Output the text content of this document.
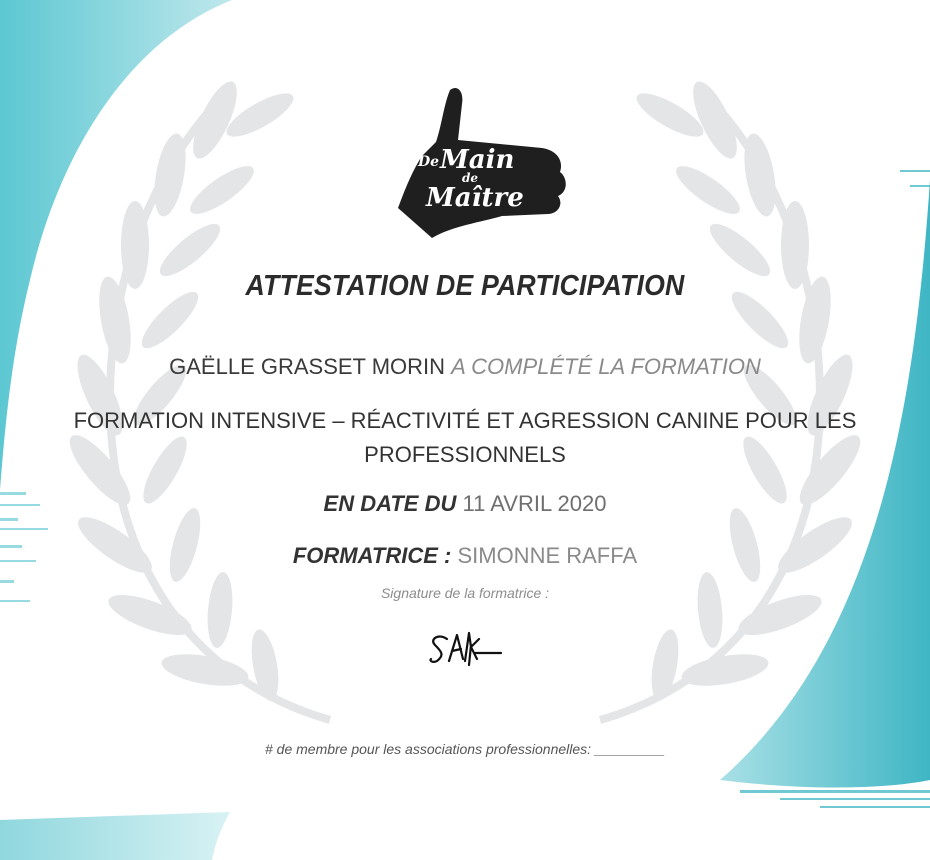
De Main
de
Maître
ATTESTATION DE PARTICIPATION
GAËLLE GRASSET MORIN A COMPLÉTÉ LA FORMATION
FORMATION INTENSIVE – RÉACTIVITÉ ET AGRESSION CANINE POUR LES
PROFESSIONNELS
EN DATE DU 11 AVRIL 2020
FORMATRICE : SIMONNE RAFFA
Signature de la formatrice :
# de membre pour les associations professionnelles: _________
